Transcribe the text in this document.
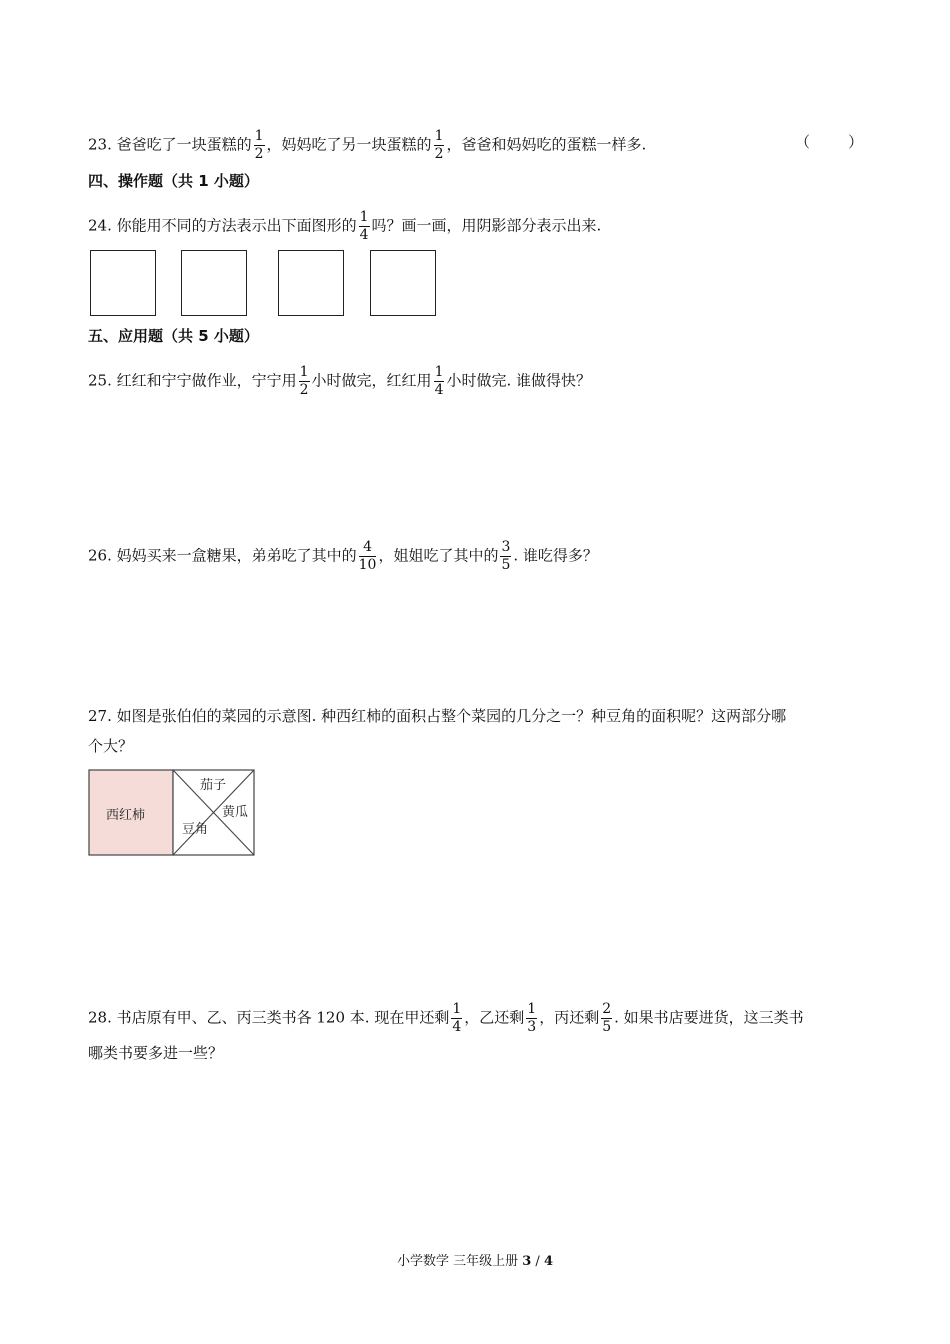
23. 爸爸吃了一块蛋糕的 $\frac{1}{2}$ ，妈妈吃了另一块蛋糕的 $\frac{1}{2}$ ，爸爸和妈妈吃的蛋糕一样多.	（        ）
四、操作题（共 1 小题）
24. 你能用不同的方法表示出下面图形的 $\frac{1}{4}$ 吗？画一画，用阴影部分表示出来.
五、应用题（共 5 小题）
25. 红红和宁宁做作业，宁宁用 $\frac{1}{2}$ 小时做完，红红用 $\frac{1}{4}$ 小时做完. 谁做得快？
26. 妈妈买来一盒糖果，弟弟吃了其中的 $\frac{4}{10}$ ，姐姐吃了其中的 $\frac{3}{5}$ . 谁吃得多？
27. 如图是张伯伯的菜园的示意图. 种西红柿的面积占整个菜园的几分之一？种豆角的面积呢？这两部分哪
个大？
西红柿
茄子
黄瓜
豆角
28. 书店原有甲、乙、丙三类书各 120 本. 现在甲还剩 $\frac{1}{4}$ ，乙还剩 $\frac{1}{3}$ ，丙还剩 $\frac{2}{5}$ . 如果书店要进货，这三类书
哪类书要多进一些？
小学数学 三年级上册 3 / 4
